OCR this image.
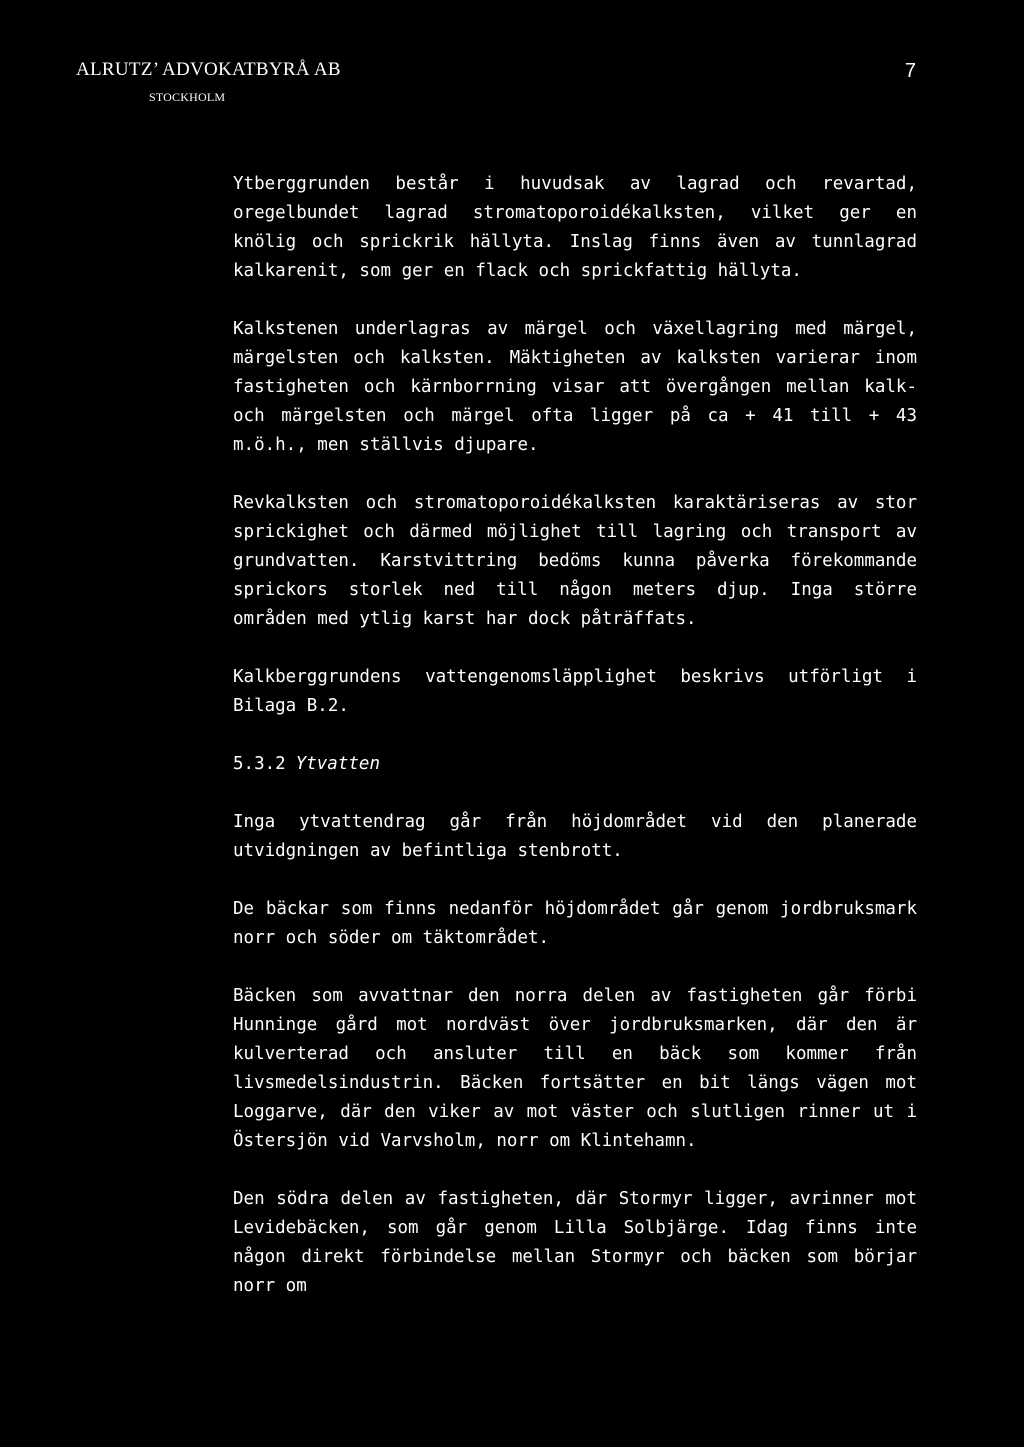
ALRUTZ’ ADVOKATBYRÅ AB
STOCKHOLM
7

Ytberggrunden består i huvudsak av lagrad och revartad, oregelbundet lagrad stromatoporoidékalksten, vilket ger en knölig och sprickrik hällyta. Inslag finns även av tunnlagrad kalkarenit, som ger en flack och sprickfattig hällyta.

Kalkstenen underlagras av märgel och växellagring med märgel, märgelsten och kalksten. Mäktigheten av kalksten varierar inom fastigheten och kärnborrning visar att övergången mellan kalk- och märgelsten och märgel ofta ligger på ca + 41 till + 43 m.ö.h., men ställvis djupare.

Revkalksten och stromatoporoidékalksten karaktäriseras av stor sprickighet och därmed möjlighet till lagring och transport av grundvatten. Karstvittring bedöms kunna påverka förekommande sprickors storlek ned till någon meters djup. Inga större områden med ytlig karst har dock påträffats.

Kalkberggrundens vattengenomsläpplighet beskrivs utförligt i Bilaga B.2.

5.3.2 Ytvatten

Inga ytvattendrag går från höjdområdet vid den planerade utvidgningen av befintliga stenbrott.

De bäckar som finns nedanför höjdområdet går genom jordbruksmark norr och söder om täktområdet.

Bäcken som avvattnar den norra delen av fastigheten går förbi Hunninge gård mot nordväst över jordbruksmarken, där den är kulverterad och ansluter till en bäck som kommer från livsmedelsindustrin. Bäcken fortsätter en bit längs vägen mot Loggarve, där den viker av mot väster och slutligen rinner ut i Östersjön vid Varvsholm, norr om Klintehamn.

Den södra delen av fastigheten, där Stormyr ligger, avrinner mot Levidebäcken, som går genom Lilla Solbjärge. Idag finns inte någon direkt förbindelse mellan Stormyr och bäcken som börjar norr om
